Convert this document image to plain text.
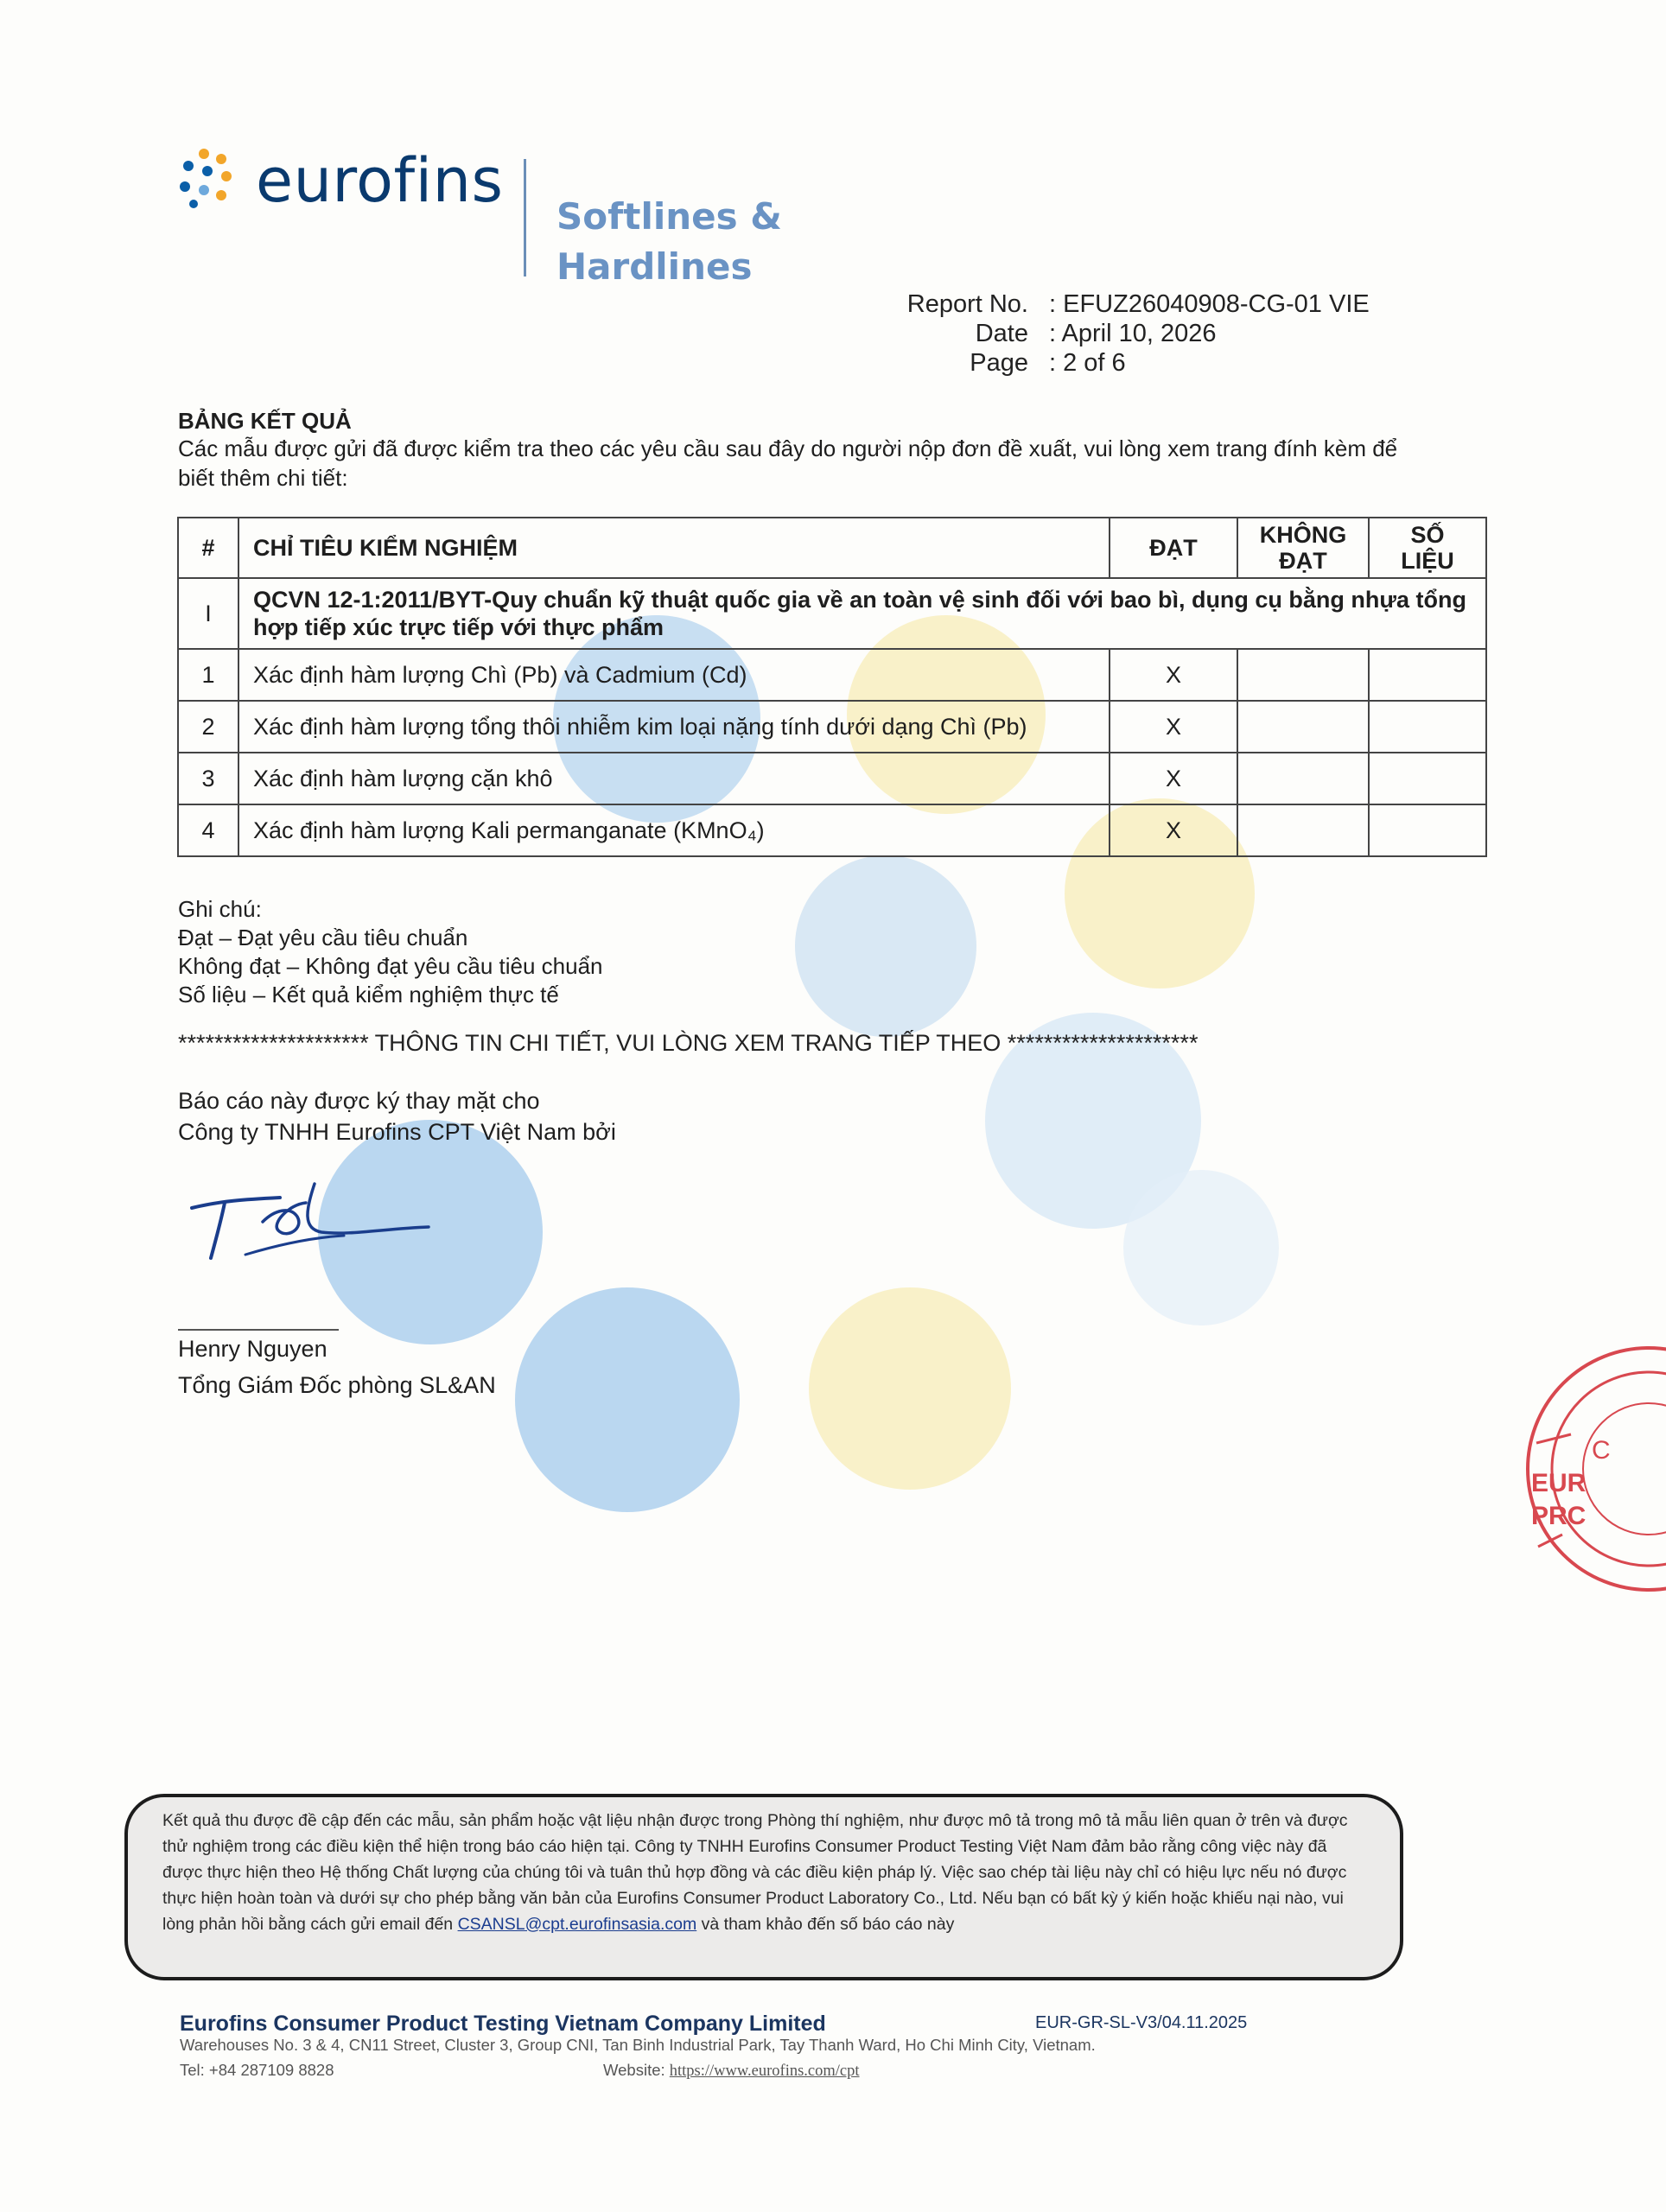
eurofins
Softlines &
Hardlines
Report No. : EFUZ26040908-CG-01 VIE
Date : April 10, 2026
Page : 2 of 6
BẢNG KẾT QUẢ
Các mẫu được gửi đã được kiểm tra theo các yêu cầu sau đây do người nộp đơn đề xuất, vui lòng xem trang đính kèm để biết thêm chi tiết:
#	CHỈ TIÊU KIỂM NGHIỆM	ĐẠT	KHÔNG ĐẠT	SỐ LIỆU
I	QCVN 12-1:2011/BYT-Quy chuẩn kỹ thuật quốc gia về an toàn vệ sinh đối với bao bì, dụng cụ bằng nhựa tổng hợp tiếp xúc trực tiếp với thực phẩm			
1	Xác định hàm lượng Chì (Pb) và Cadmium (Cd)	X		
2	Xác định hàm lượng tổng thôi nhiễm kim loại nặng tính dưới dạng Chì (Pb)	X		
3	Xác định hàm lượng cặn khô	X		
4	Xác định hàm lượng Kali permanganate (KMnO₄)	X		
Ghi chú:
Đạt – Đạt yêu cầu tiêu chuẩn
Không đạt – Không đạt yêu cầu tiêu chuẩn
Số liệu – Kết quả kiểm nghiệm thực tế
********************* THÔNG TIN CHI TIẾT, VUI LÒNG XEM TRANG TIẾP THEO *********************
Báo cáo này được ký thay mặt cho
Công ty TNHH Eurofins CPT Việt Nam bởi
Henry Nguyen
Tổng Giám Đốc phòng SL&AN
C
EUR
PRC
Kết quả thu được đề cập đến các mẫu, sản phẩm hoặc vật liệu nhận được trong Phòng thí nghiệm, như được mô tả trong mô tả mẫu liên quan ở trên và được thử nghiệm trong các điều kiện thể hiện trong báo cáo hiện tại. Công ty TNHH Eurofins Consumer Product Testing Việt Nam đảm bảo rằng công việc này đã được thực hiện theo Hệ thống Chất lượng của chúng tôi và tuân thủ hợp đồng và các điều kiện pháp lý. Việc sao chép tài liệu này chỉ có hiệu lực nếu nó được thực hiện hoàn toàn và dưới sự cho phép bằng văn bản của Eurofins Consumer Product Laboratory Co., Ltd. Nếu bạn có bất kỳ ý kiến hoặc khiếu nại nào, vui lòng phản hồi bằng cách gửi email đến CSANSL@cpt.eurofinsasia.com và tham khảo đến số báo cáo này
Eurofins Consumer Product Testing Vietnam Company Limited	EUR-GR-SL-V3/04.11.2025
Warehouses No. 3 & 4, CN11 Street, Cluster 3, Group CNI, Tan Binh Industrial Park, Tay Thanh Ward, Ho Chi Minh City, Vietnam.
Tel: +84 287109 8828	Website: https://www.eurofins.com/cpt
